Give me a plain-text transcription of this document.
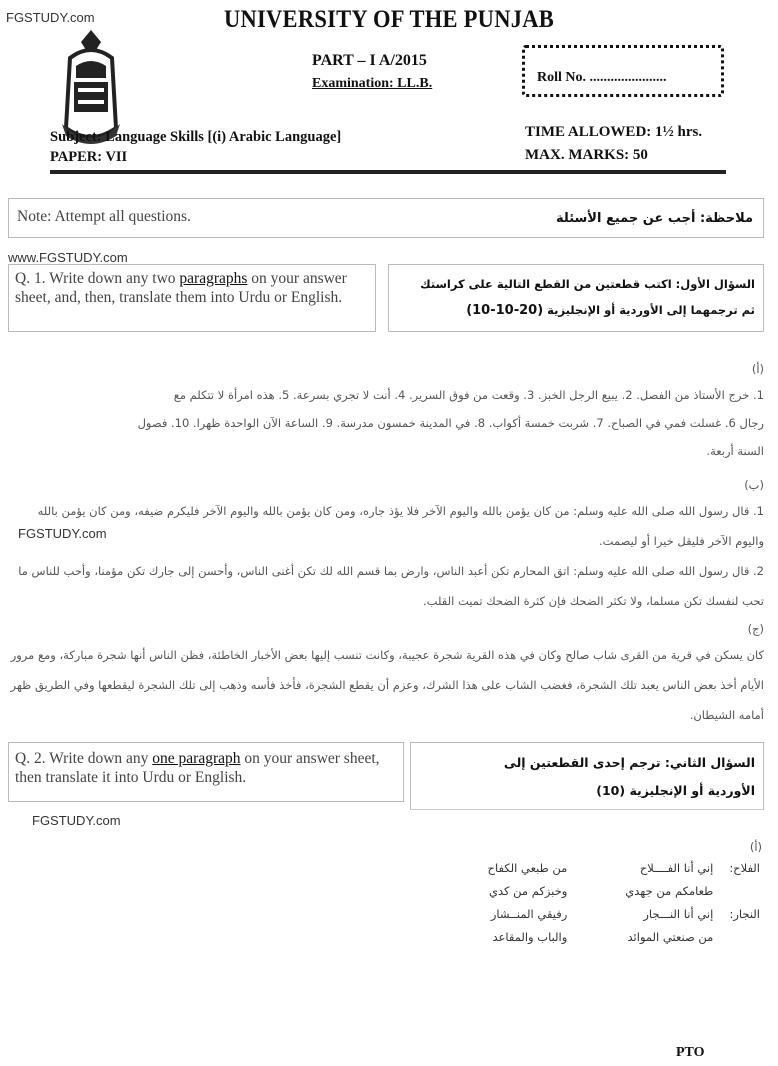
FGSTUDY.com	UNIVERSITY OF THE PUNJAB
PART – I A/2015
Examination: LL.B.	Roll No. ......................
Subject: Language Skills [(i) Arabic Language]
PAPER: VII
TIME ALLOWED: 1½ hrs.
MAX. MARKS: 50
Note: Attempt all questions.	ملاحظة: أجب عن جميع الأسئلة
www.FGSTUDY.com
Q. 1. Write down any two paragraphs on your answer sheet, and, then, translate them into Urdu or English.
السؤال الأول: اكتب قطعتين من القطع التالية على كراستك ثم ترجمهما إلى الأوردية أو الإنجليزية (10-10-20)
(أ)
1. خرج الأستاذ من الفصل. 2. يبيع الرجل الخبز. 3. وقعت من فوق السرير. 4. أنت لا تجري بسرعة. 5. هذه امرأة لا تتكلم مع
رجال 6. غسلت فمي في الصباح. 7. شربت خمسة أكواب. 8. في المدينة خمسون مدرسة. 9. الساعة الآن الواحدة ظهرا. 10. فصول
السنة أربعة.
(ب)
1. قال رسول الله صلى الله عليه وسلم: من كان يؤمن بالله واليوم الآخر فلا يؤذ جاره، ومن كان يؤمن بالله واليوم الآخر فليكرم ضيفه، ومن كان يؤمن بالله واليوم الآخر فليقل خيرا أو ليصمت.
FGSTUDY.com
2. قال رسول الله صلى الله عليه وسلم: اتق المحارم تكن أعبد الناس، وارض بما قسم الله لك تكن أغنى الناس، وأحسن إلى جارك تكن مؤمنا، وأحب للناس ما تحب لنفسك تكن مسلما، ولا تكثر الضحك فإن كثرة الضحك تميت القلب.
(ج)
كان يسكن في قرية من القرى شاب صالح وكان في هذه القرية شجرة عجيبة، وكانت تنسب إليها بعض الأخبار الخاطئة، فظن الناس أنها شجرة مباركة، ومع مرور الأيام أخذ بعض الناس يعبد تلك الشجرة، فغضب الشاب على هذا الشرك، وعزم أن يقطع الشجرة، فأخذ فأسه وذهب إلى تلك الشجرة ليقطعها وفي الطريق ظهر أمامه الشيطان.
Q. 2. Write down any one paragraph on your answer sheet, then translate it into Urdu or English.
السؤال الثاني: ترجم إحدى القطعتين إلى الأوردية أو الإنجليزية (10)
FGSTUDY.com
(أ)
الفلاح:	إني أنا الفــــلاح	من طبعي الكفاح
	طعامكم من جهدي	وخبزكم من كدي
النجار:	إني أنا النـــجار	رفيقي المنــشار
	من صنعتي الموائد	والباب والمقاعد
PTO
